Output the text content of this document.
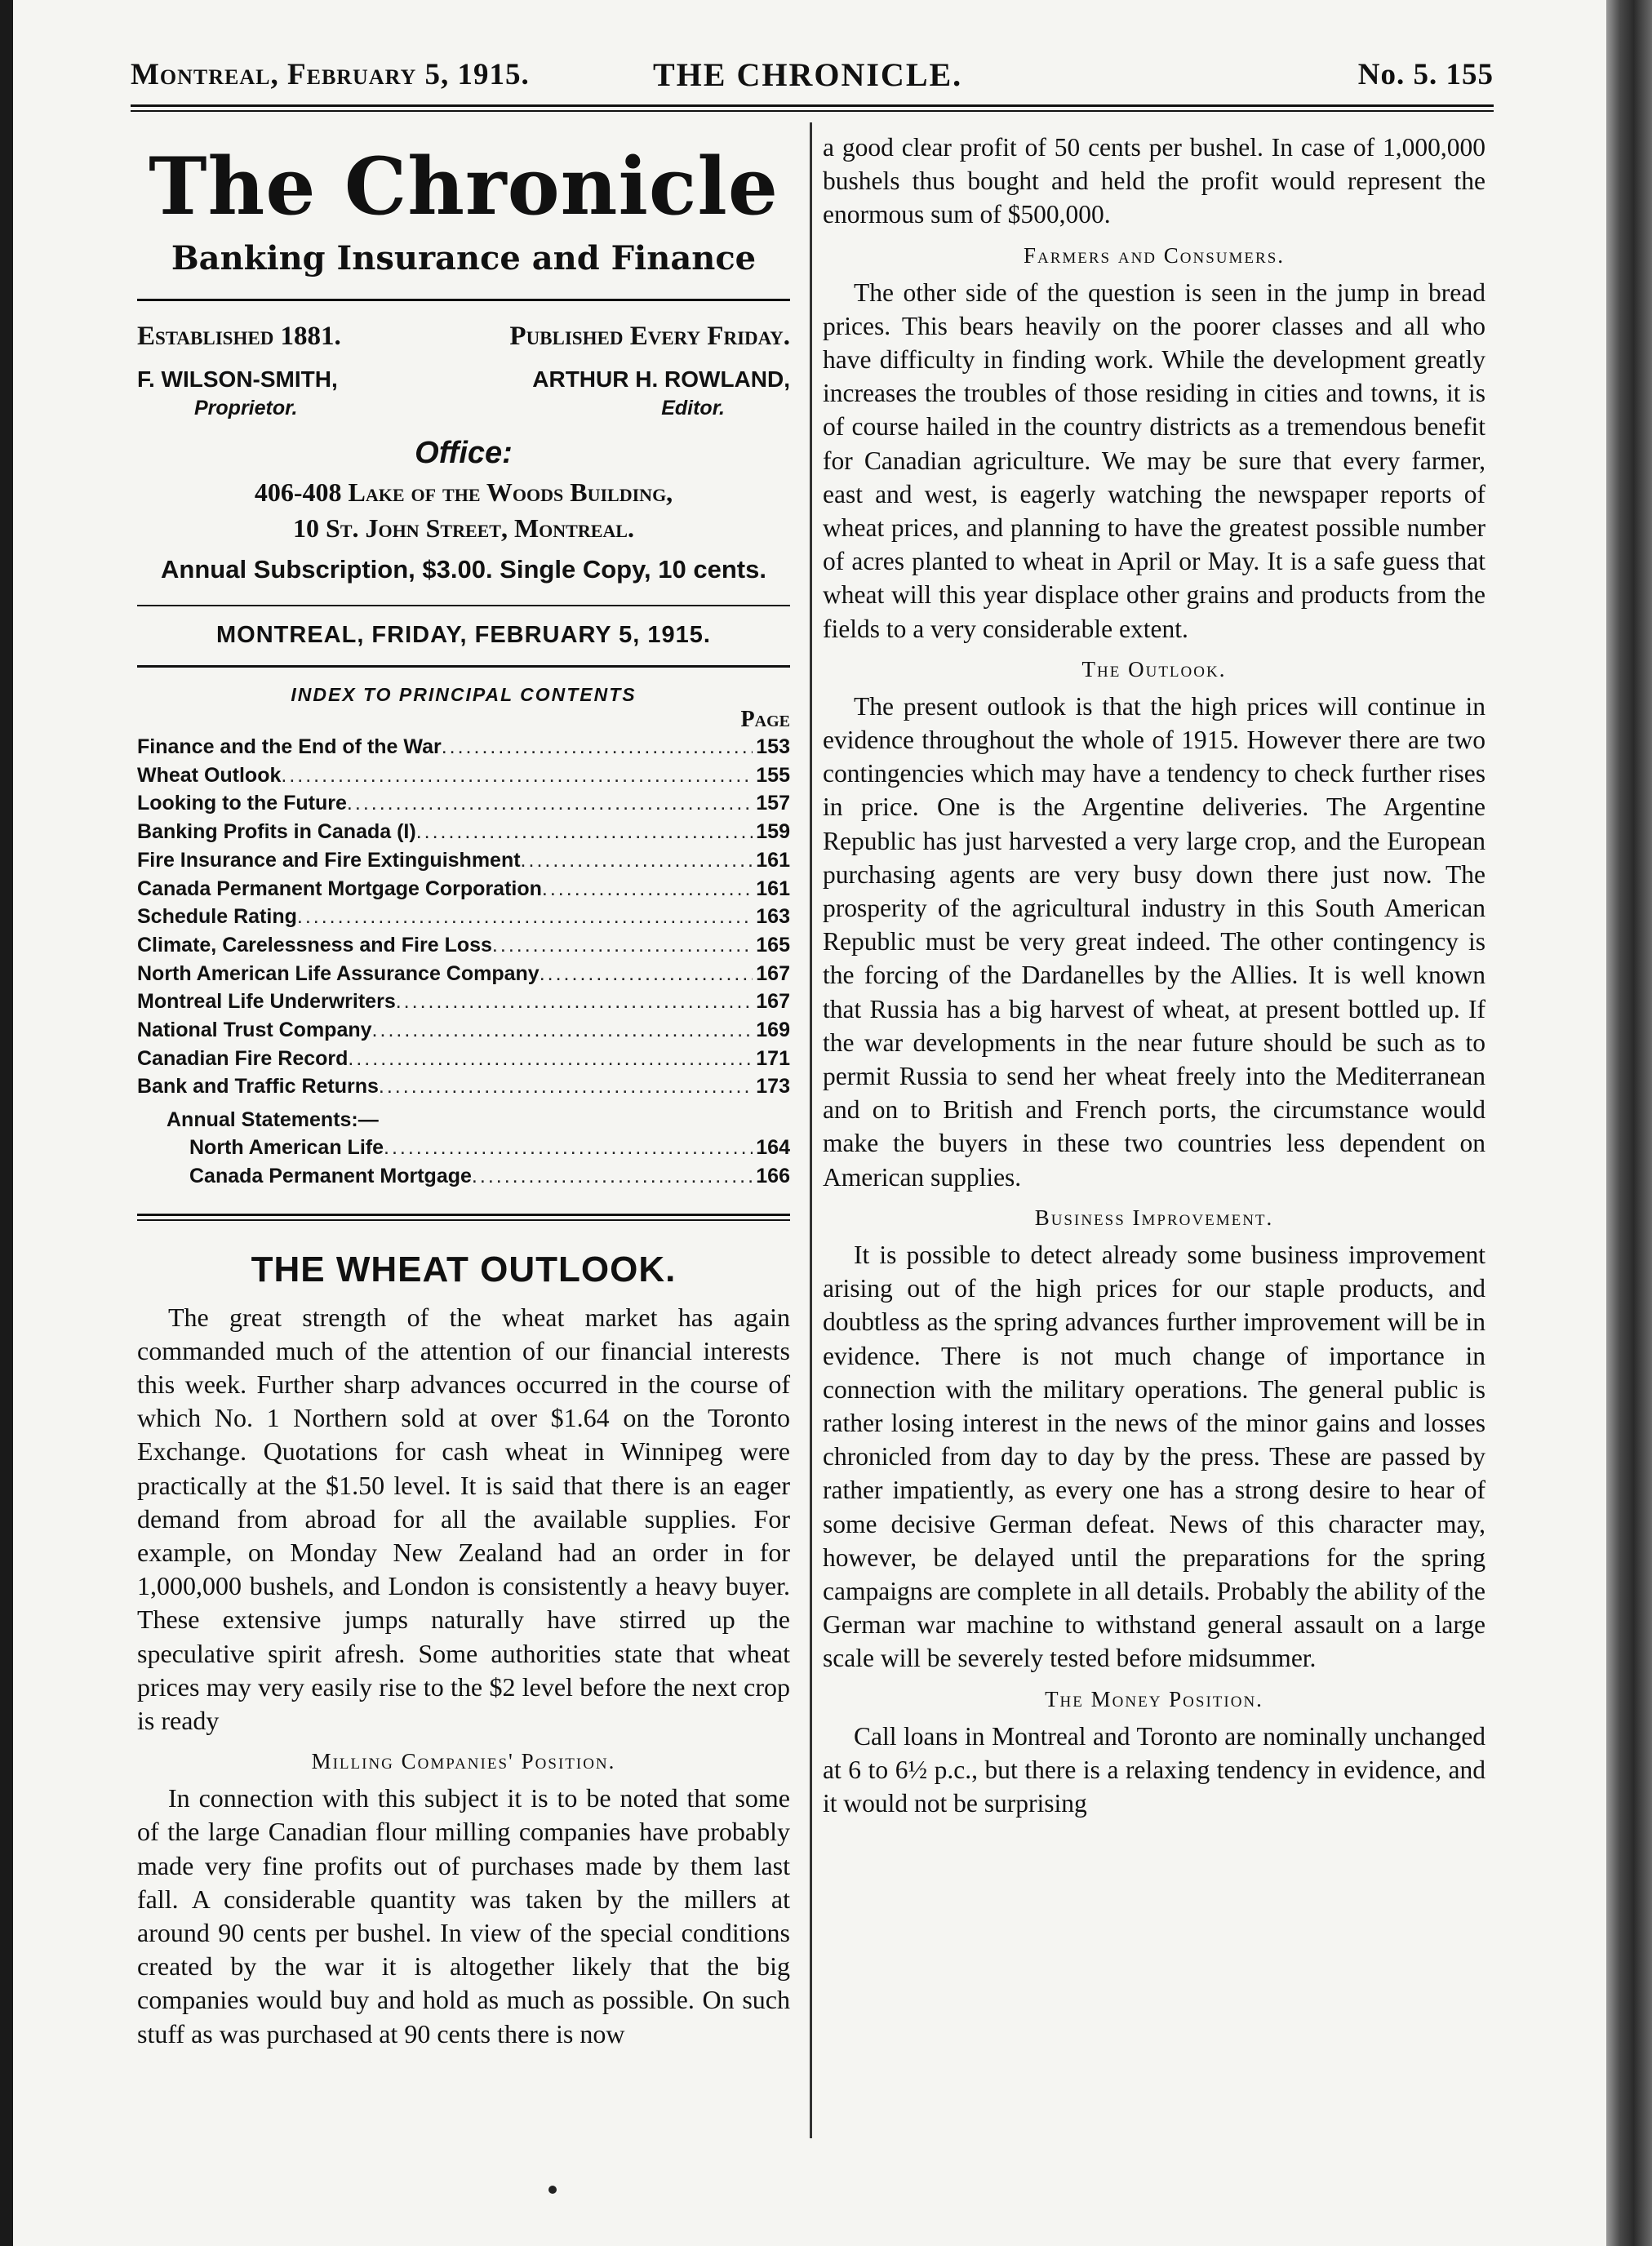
Montreal, February 5, 1915.	THE CHRONICLE.	No. 5. 155
The Chronicle
Banking Insurance and Finance
Established 1881.	Published Every Friday.
F. WILSON-SMITH,	ARTHUR H. ROWLAND,
Proprietor.	Editor.
Office:
406-408 Lake of the Woods Building,
10 St. John Street, Montreal.
Annual Subscription, $3.00. Single Copy, 10 cents.
MONTREAL, FRIDAY, FEBRUARY 5, 1915.
INDEX TO PRINCIPAL CONTENTS
Page
Finance and the End of the War .....	153
Wheat Outlook .....	155
Looking to the Future .....	157
Banking Profits in Canada (I) .....	159
Fire Insurance and Fire Extinguishment .....	161
Canada Permanent Mortgage Corporation .....	161
Schedule Rating .....	163
Climate, Carelessness and Fire Loss .....	165
North American Life Assurance Company .....	167
Montreal Life Underwriters .....	167
National Trust Company .....	169
Canadian Fire Record .....	171
Bank and Traffic Returns .....	173
Annual Statements:—
North American Life .....	164
Canada Permanent Mortgage .....	166
THE WHEAT OUTLOOK.

The great strength of the wheat market has again commanded much of the attention of our financial interests this week. Further sharp advances occurred in the course of which No. 1 Northern sold at over $1.64 on the Toronto Exchange. Quotations for cash wheat in Winnipeg were practically at the $1.50 level. It is said that there is an eager demand from abroad for all the available supplies. For example, on Monday New Zealand had an order in for 1,000,000 bushels, and London is consistently a heavy buyer. These extensive jumps naturally have stirred up the speculative spirit afresh. Some authorities state that wheat prices may very easily rise to the $2 level before the next crop is ready

Milling Companies' Position.

In connection with this subject it is to be noted that some of the large Canadian flour milling companies have probably made very fine profits out of purchases made by them last fall. A considerable quantity was taken by the millers at around 90 cents per bushel. In view of the special conditions created by the war it is altogether likely that the big companies would buy and hold as much as possible. On such stuff as was purchased at 90 cents there is now

a good clear profit of 50 cents per bushel. In case of 1,000,000 bushels thus bought and held the profit would represent the enormous sum of $500,000.

Farmers and Consumers.

The other side of the question is seen in the jump in bread prices. This bears heavily on the poorer classes and all who have difficulty in finding work. While the development greatly increases the troubles of those residing in cities and towns, it is of course hailed in the country districts as a tremendous benefit for Canadian agriculture. We may be sure that every farmer, east and west, is eagerly watching the newspaper reports of wheat prices, and planning to have the greatest possible number of acres planted to wheat in April or May. It is a safe guess that wheat will this year displace other grains and products from the fields to a very considerable extent.

The Outlook.

The present outlook is that the high prices will continue in evidence throughout the whole of 1915. However there are two contingencies which may have a tendency to check further rises in price. One is the Argentine deliveries. The Argentine Republic has just harvested a very large crop, and the European purchasing agents are very busy down there just now. The prosperity of the agricultural industry in this South American Republic must be very great indeed. The other contingency is the forcing of the Dardanelles by the Allies. It is well known that Russia has a big harvest of wheat, at present bottled up. If the war developments in the near future should be such as to permit Russia to send her wheat freely into the Mediterranean and on to British and French ports, the circumstance would make the buyers in these two countries less dependent on American supplies.

Business Improvement.

It is possible to detect already some business improvement arising out of the high prices for our staple products, and doubtless as the spring advances further improvement will be in evidence. There is not much change of importance in connection with the military operations. The general public is rather losing interest in the news of the minor gains and losses chronicled from day to day by the press. These are passed by rather impatiently, as every one has a strong desire to hear of some decisive German defeat. News of this character may, however, be delayed until the preparations for the spring campaigns are complete in all details. Probably the ability of the German war machine to withstand general assault on a large scale will be severely tested before midsummer.

The Money Position.

Call loans in Montreal and Toronto are nominally unchanged at 6 to 6½ p.c., but there is a relaxing tendency in evidence, and it would not be surprising
